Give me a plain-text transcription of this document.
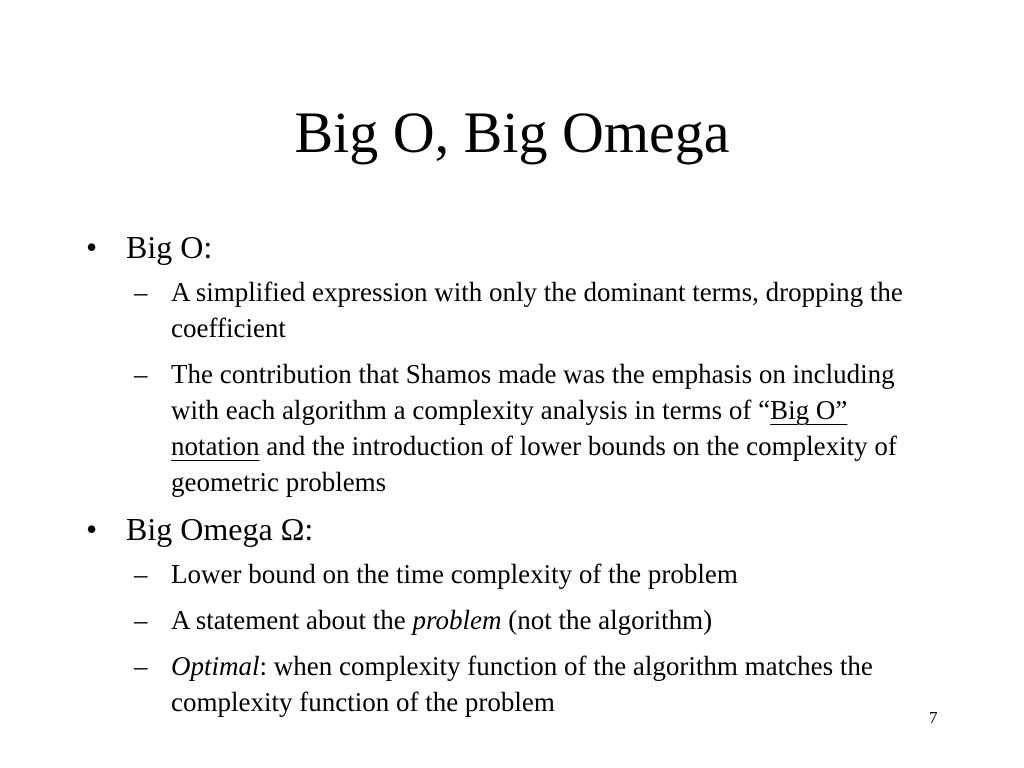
Big O, Big Omega
• Big O:
– A simplified expression with only the dominant terms, dropping the coefficient
– The contribution that Shamos made was the emphasis on including with each algorithm a complexity analysis in terms of “Big O” notation and the introduction of lower bounds on the complexity of geometric problems
• Big Omega Ω:
– Lower bound on the time complexity of the problem
– A statement about the problem (not the algorithm)
– Optimal: when complexity function of the algorithm matches the complexity function of the problem
7
